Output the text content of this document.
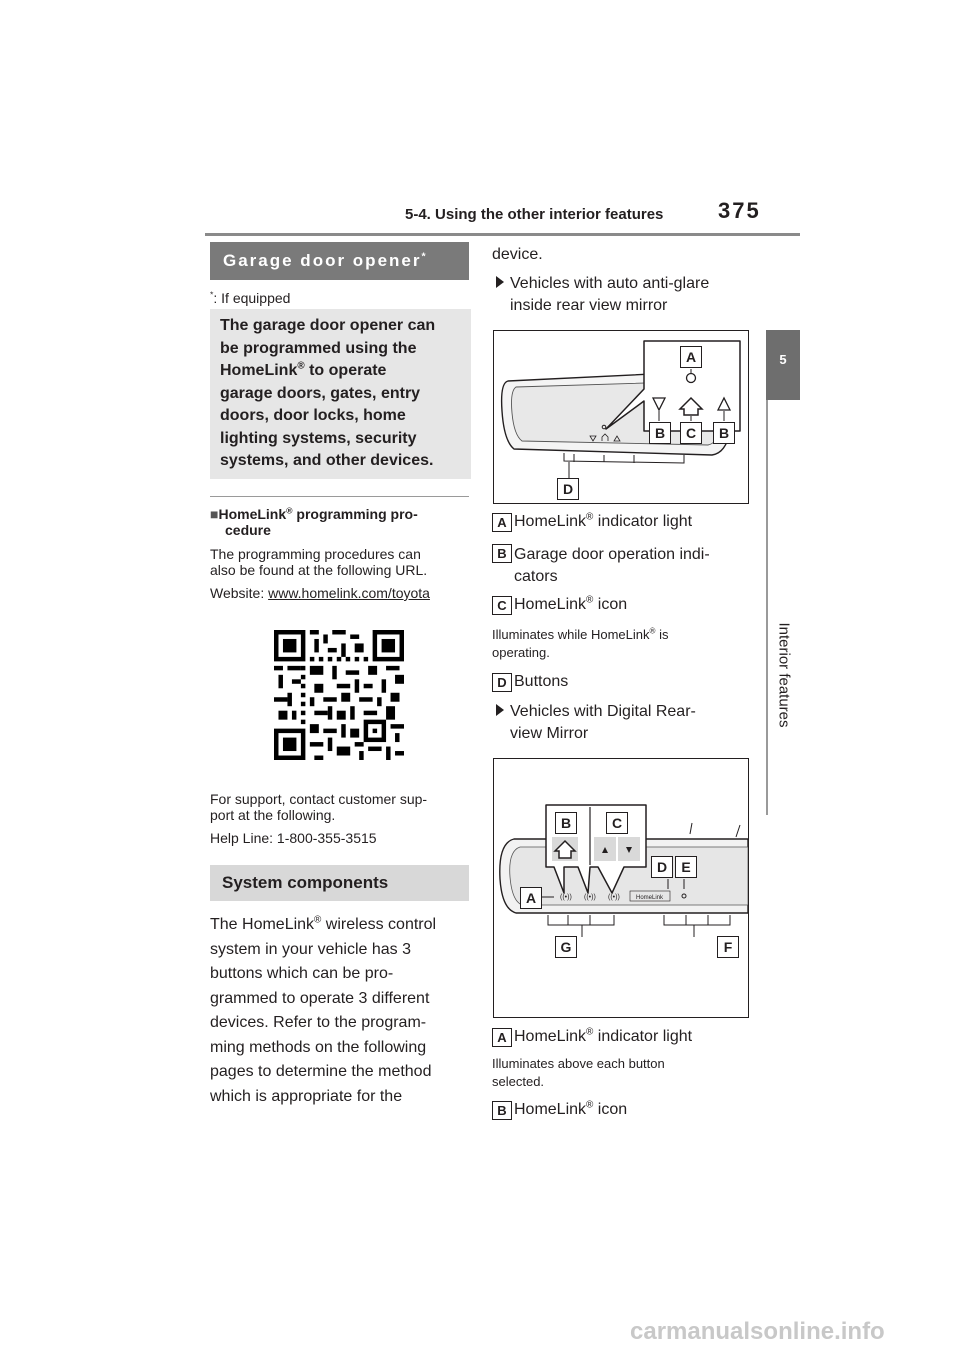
5-4. Using the other interior features 375
5
Interior features
Garage door opener*
*: If equipped
The garage door opener can
be programmed using the
HomeLink® to operate
garage doors, gates, entry
doors, door locks, home
lighting systems, security
systems, and other devices.
■HomeLink® programming pro-
cedure
The programming procedures can
also be found at the following URL.
Website: www.homelink.com/toyota
For support, contact customer sup-
port at the following.
Help Line: 1-800-355-3515
System components
The HomeLink® wireless control
system in your vehicle has 3
buttons which can be pro-
grammed to operate 3 different
devices. Refer to the program-
ming methods on the following
pages to determine the method
which is appropriate for the
device.
Vehicles with auto anti-glare
inside rear view mirror
A
B	C	B
D
A HomeLink® indicator light
B Garage door operation indi-
cators
C HomeLink® icon
Illuminates while HomeLink® is
operating.
D Buttons
Vehicles with Digital Rear-
view Mirror
((•)) ((•)) ((•))	HomeLink
B	C
D	E
A
G	F
A HomeLink® indicator light
Illuminates above each button
selected.
B HomeLink® icon
carmanualsonline.info
